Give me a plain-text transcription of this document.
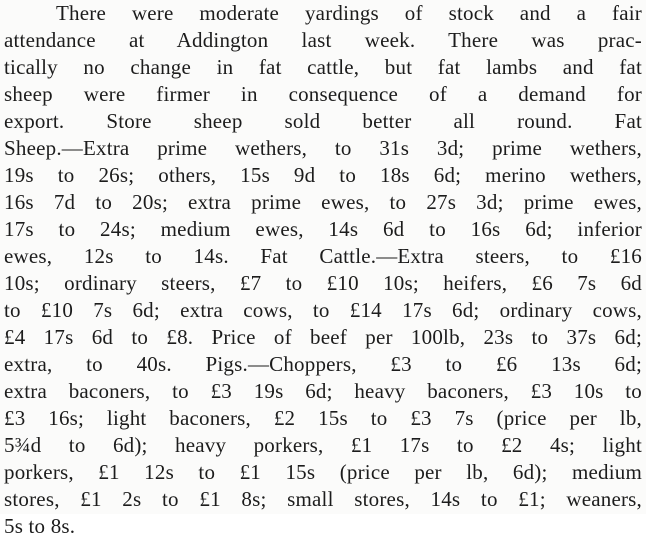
There were moderate yardings of stock and a fair
attendance at Addington last week. There was prac-
tically no change in fat cattle, but fat lambs and fat
sheep were firmer in consequence of a demand for
export. Store sheep sold better all round. Fat
Sheep.—Extra prime wethers, to 31s 3d; prime wethers,
19s to 26s; others, 15s 9d to 18s 6d; merino wethers,
16s 7d to 20s; extra prime ewes, to 27s 3d; prime ewes,
17s to 24s; medium ewes, 14s 6d to 16s 6d; inferior
ewes, 12s to 14s. Fat Cattle.—Extra steers, to £16
10s; ordinary steers, £7 to £10 10s; heifers, £6 7s 6d
to £10 7s 6d; extra cows, to £14 17s 6d; ordinary cows,
£4 17s 6d to £8. Price of beef per 100lb, 23s to 37s 6d;
extra, to 40s. Pigs.—Choppers, £3 to £6 13s 6d;
extra baconers, to £3 19s 6d; heavy baconers, £3 10s to
£3 16s; light baconers, £2 15s to £3 7s (price per lb,
5¾d to 6d); heavy porkers, £1 17s to £2 4s; light
porkers, £1 12s to £1 15s (price per lb, 6d); medium
stores, £1 2s to £1 8s; small stores, 14s to £1; weaners,
5s to 8s.
